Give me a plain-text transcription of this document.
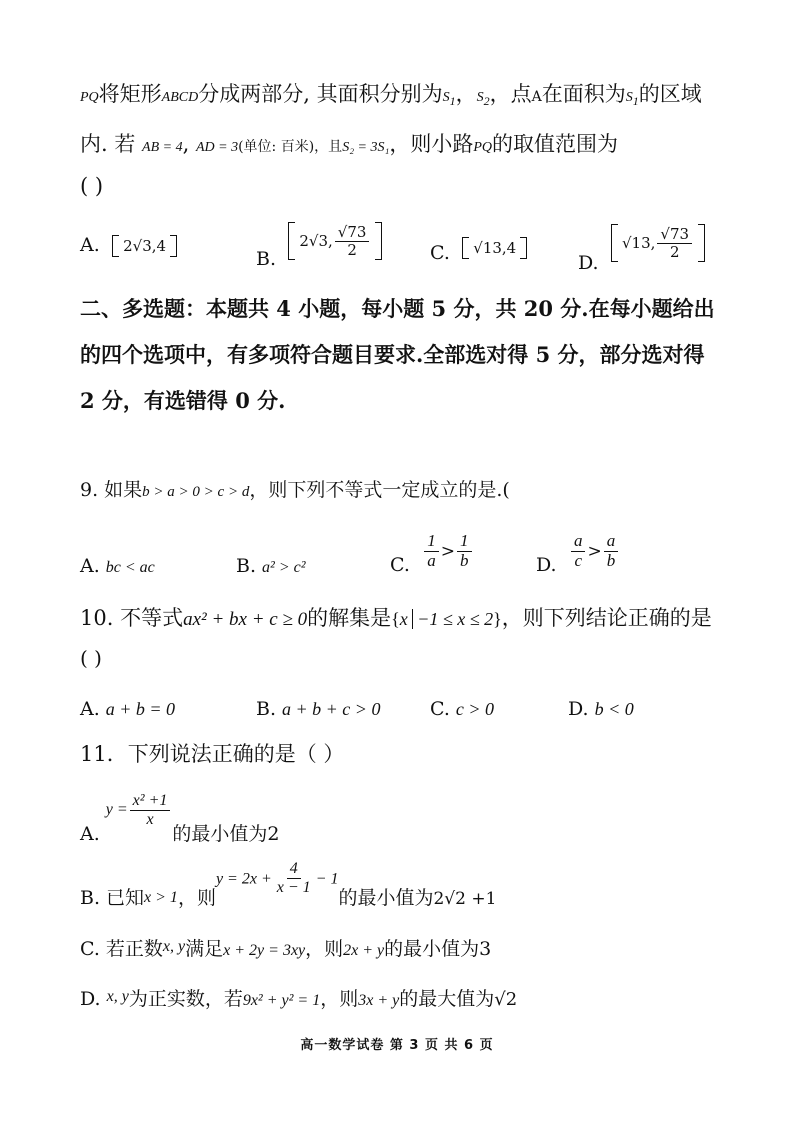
PQ将矩形ABCD分成两部分, 其面积分别为S1，S2，点A在面积为S1的区域
内. 若 AB = 4, AD = 3(单位: 百米)，且S₂ = 3S₁，则小路PQ的取值范围为
( )
A. 2√3,4
B.
2√3, $\frac{√73}{2}$	C. √13,4
D.
√13, $\frac{√73}{2}$
二、多选题：本题共 4 小题，每小题 5 分，共 20 分.在每小题给出
的四个选项中，有多项符合题目要求.全部选对得 5 分，部分选对得
2 分，有选错得 0 分.
9. 如果b > a > 0 > c > d，则下列不等式一定成立的是.(
A. bc < ac	B. a² > c²	C. $\frac{1}{a} > \frac{1}{b}$	D. $\frac{a}{c} > \frac{a}{b}$
10. 不等式ax² + bx + c ≥ 0的解集是 { x −1 ≤ x ≤ 2 } ，则下列结论正确的是
( )
A. a + b = 0	B. a + b + c > 0	C. c > 0	D. b < 0
11．下列说法正确的是（ ）
$A.y = \frac{\text{x² +1}}{x}$
的最小值为2
B. 已知$_{x > 1}$，则$y = 2x + \frac{4}{x - 1} - 1$的最小值为$_{2√2 +1}$
C. 若正数$^{x, y}$满足x + 2y = 3xy，则2x + y的最小值为3
D. $^{x, y}$为正实数，若9x² + y² = 1，则3x + y的最大值为√2
高一数学试卷 第 3 页 共 6 页
